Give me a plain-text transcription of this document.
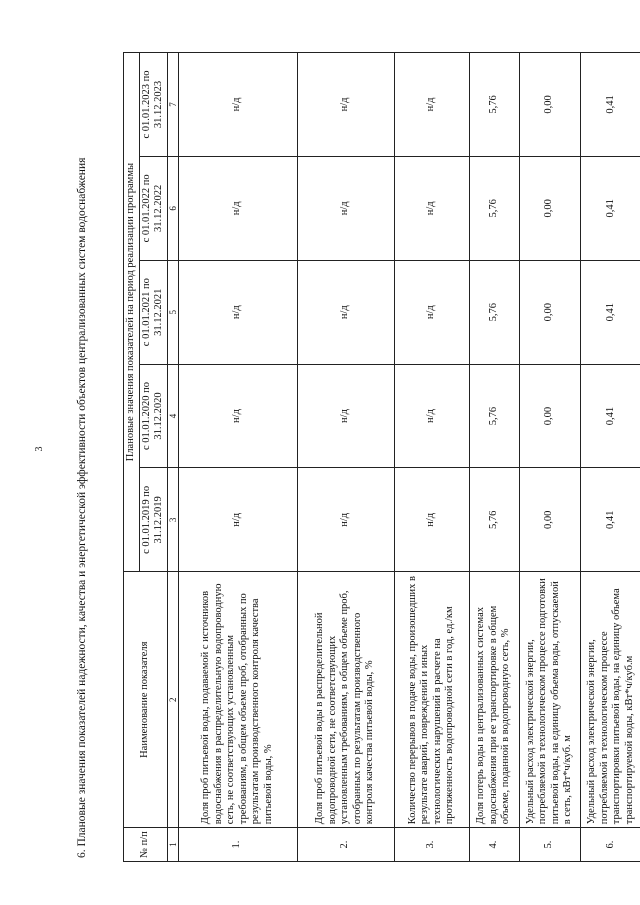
3	6. Плановые значения показателей надежности, качества и энергетической эффективности объектов централизованных систем водоснабжения	№ п/п	Наименование показателя	Плановые значения показателей на период реализации программы				
		с 01.01.2019 по 31.12.2019	с 01.01.2020 по 31.12.2020	с 01.01.2021 по 31.12.2021	с 01.01.2022 по 31.12.2022	с 01.01.2023 по 31.12.2023
1	2	3	4	5	6	7
1.	Доля проб питьевой воды, подаваемой с источников водоснабжения в распределительную водопроводную сеть, не соответствующих установленным требованиям, в общем объеме проб, отобранных по результатам производственного контроля качества питьевой воды, %	н/д	н/д	н/д	н/д	н/д
2.	Доля проб питьевой воды в распределительной водопроводной сети, не соответствующих установленным требованиям, в общем объеме проб, отобранных по результатам производственного контроля качества питьевой воды, %	н/д	н/д	н/д	н/д	н/д
3.	Количество перерывов в подаче воды, произошедших в результате аварий, повреждений и иных технологических нарушений в расчете на протяженность водопроводной сети в год, ед./км	н/д	н/д	н/д	н/д	н/д
4.	Доля потерь воды в централизованных системах водоснабжения при ее транспортировке в общем объеме, поданной в водопроводную сеть, %	5,76	5,76	5,76	5,76	5,76
5.	Удельный расход электрической энергии, потребляемой в технологическом процессе подготовки питьевой воды, на единицу объема воды, отпускаемой в сеть, кВт*ч/куб. м	0,00	0,00	0,00	0,00	0,00
6.	Удельный расход электрической энергии, потребляемой в технологическом процессе транспортировки питьевой воды, на единицу объема транспортируемой воды, кВт*ч/куб.м	0,41	0,41	0,41	0,41	0,41
